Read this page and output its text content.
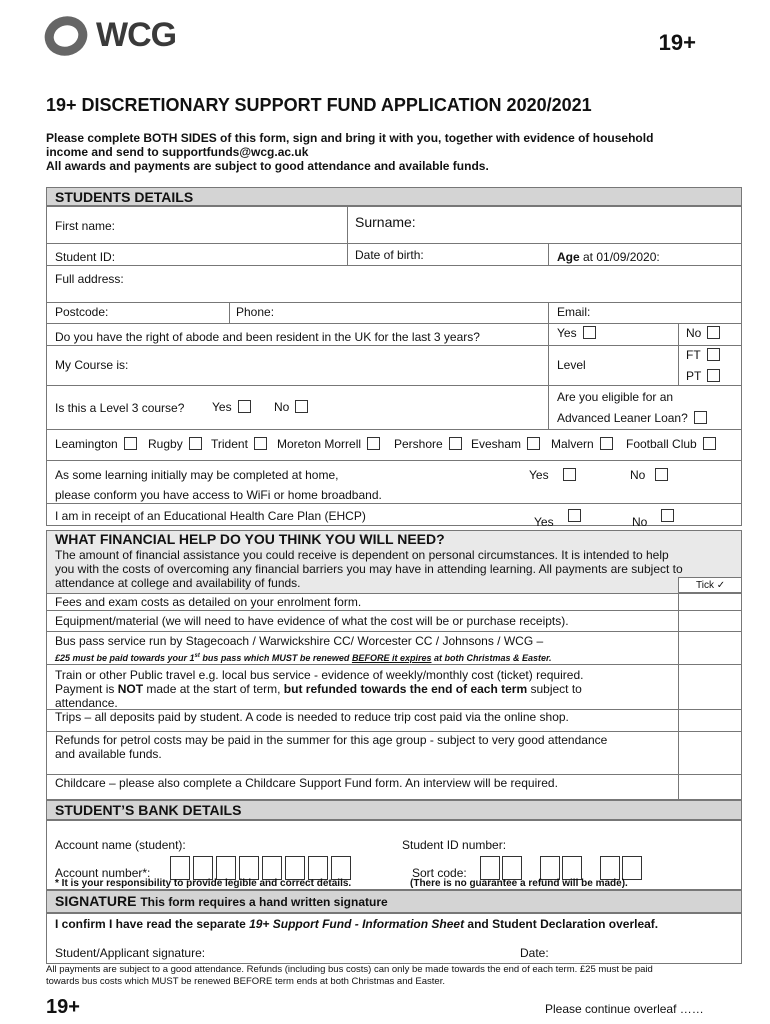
WCG	19+
19+ DISCRETIONARY SUPPORT FUND APPLICATION 2020/2021
Please complete BOTH SIDES of this form, sign and bring it with you, together with evidence of household
income and send to supportfunds@wcg.ac.uk
All awards and payments are subject to good attendance and available funds.
STUDENTS DETAILS
First name:	Surname:
Student ID:	Date of birth:	Age at 01/09/2020:
Full address:
Postcode:	Phone:	Email:
Do you have the right of abode and been resident in the UK for the last 3 years?	Yes	No
My Course is:	Level
FT
PT
Is this a Level 3 course? Yes	No
Are you eligible for an
Advanced Leaner Loan?
Leamington	Rugby	Trident	Moreton Morrell	Pershore	Evesham	Malvern	Football Club
As some learning initially may be completed at home,
please conform you have access to WiFi or home broadband.
Yes	No
I am in receipt of an Educational Health Care Plan (EHCP)	Yes	No
WHAT FINANCIAL HELP DO YOU THINK YOU WILL NEED?
The amount of financial assistance you could receive is dependent on personal circumstances. It is intended to help
you with the costs of overcoming any financial barriers you may have in attending learning. All payments are subject to
attendance at college and availability of funds.	Tick ✓
Fees and exam costs as detailed on your enrolment form.
Equipment/material (we will need to have evidence of what the cost will be or purchase receipts).
Bus pass service run by Stagecoach / Warwickshire CC/ Worcester CC / Johnsons / WCG –
£25 must be paid towards your 1st bus pass which MUST be renewed BEFORE it expires at both Christmas & Easter.
Train or other Public travel e.g. local bus service - evidence of weekly/monthly cost (ticket) required.
Payment is NOT made at the start of term, but refunded towards the end of each term subject to
attendance.
Trips – all deposits paid by student. A code is needed to reduce trip cost paid via the online shop.
Refunds for petrol costs may be paid in the summer for this age group - subject to very good attendance
and available funds.
Childcare – please also complete a Childcare Support Fund form. An interview will be required.
STUDENT’S BANK DETAILS
Account name (student):	Student ID number:
Account number*:	Sort code:
* It is your responsibility to provide legible and correct details.	(There is no guarantee a refund will be made).
SIGNATURE This form requires a hand written signature
I confirm I have read the separate 19+ Support Fund - Information Sheet and Student Declaration overleaf.
Student/Applicant signature:	Date:
All payments are subject to a good attendance. Refunds (including bus costs) can only be made towards the end of each term. £25 must be paid
towards bus costs which MUST be renewed BEFORE term ends at both Christmas and Easter.
19+	Please continue overleaf ……
